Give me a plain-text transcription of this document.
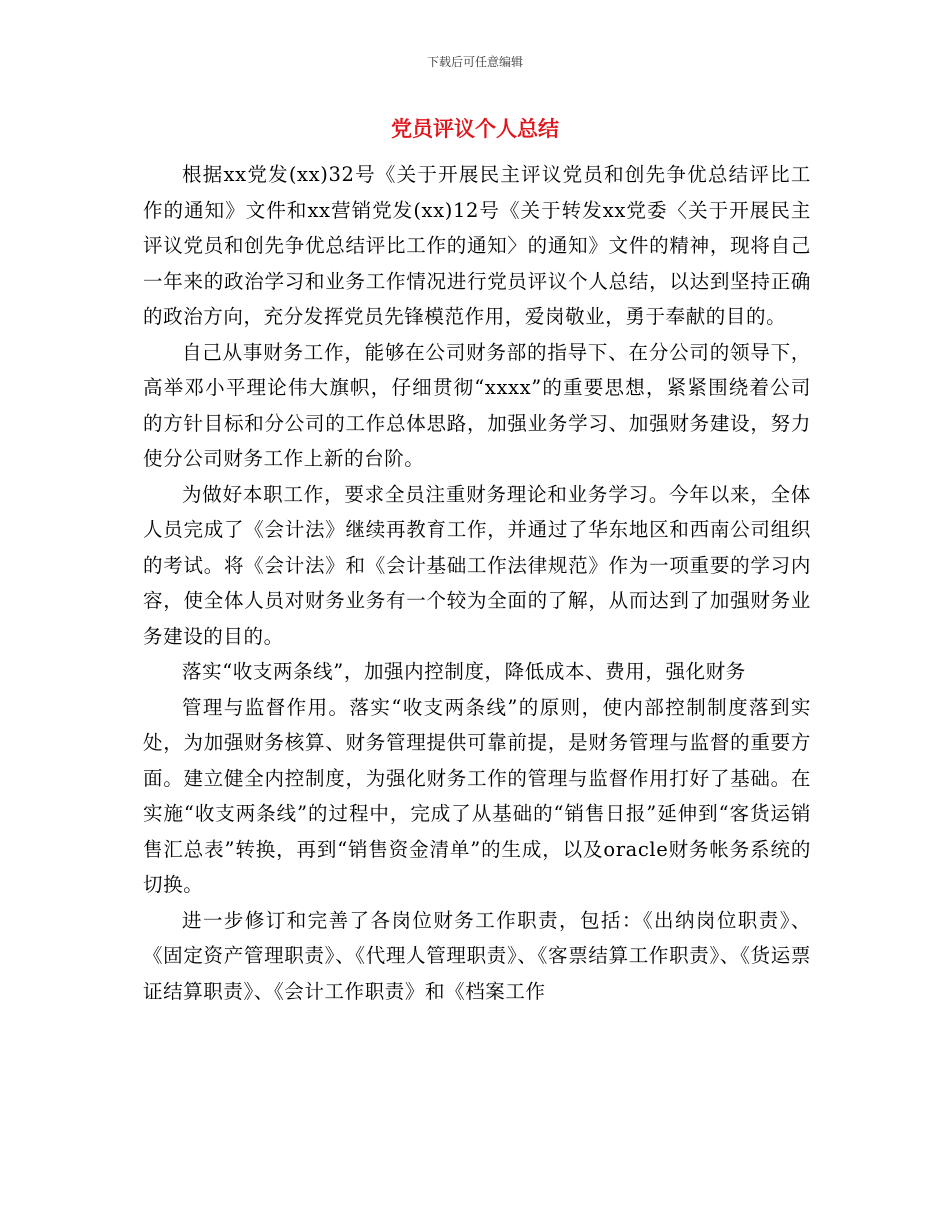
下载后可任意编辑
党员评议个人总结

根据xx党发(xx)32号《关于开展民主评议党员和创先争优总结评比工作的通知》文件和xx营销党发(xx)12号《关于转发xx党委〈关于开展民主评议党员和创先争优总结评比工作的通知〉的通知》文件的精神，现将自己一年来的政治学习和业务工作情况进行党员评议个人总结，以达到坚持正确的政治方向，充分发挥党员先锋模范作用，爱岗敬业，勇于奉献的目的。

自己从事财务工作，能够在公司财务部的指导下、在分公司的领导下，高举邓小平理论伟大旗帜，仔细贯彻“xxxx”的重要思想，紧紧围绕着公司的方针目标和分公司的工作总体思路，加强业务学习、加强财务建设，努力使分公司财务工作上新的台阶。

为做好本职工作，要求全员注重财务理论和业务学习。今年以来，全体人员完成了《会计法》继续再教育工作，并通过了华东地区和西南公司组织的考试。将《会计法》和《会计基础工作法律规范》作为一项重要的学习内容，使全体人员对财务业务有一个较为全面的了解，从而达到了加强财务业务建设的目的。

落实“收支两条线”，加强内控制度，降低成本、费用，强化财务

管理与监督作用。落实“收支两条线”的原则，使内部控制制度落到实处，为加强财务核算、财务管理提供可靠前提，是财务管理与监督的重要方面。建立健全内控制度，为强化财务工作的管理与监督作用打好了基础。在实施“收支两条线”的过程中，完成了从基础的“销售日报”延伸到“客货运销售汇总表”转换，再到“销售资金清单”的生成，以及oracle财务帐务系统的切换。

进一步修订和完善了各岗位财务工作职责，包括：《出纳岗位职责》、《固定资产管理职责》、《代理人管理职责》、《客票结算工作职责》、《货运票证结算职责》、《会计工作职责》和《档案工作
